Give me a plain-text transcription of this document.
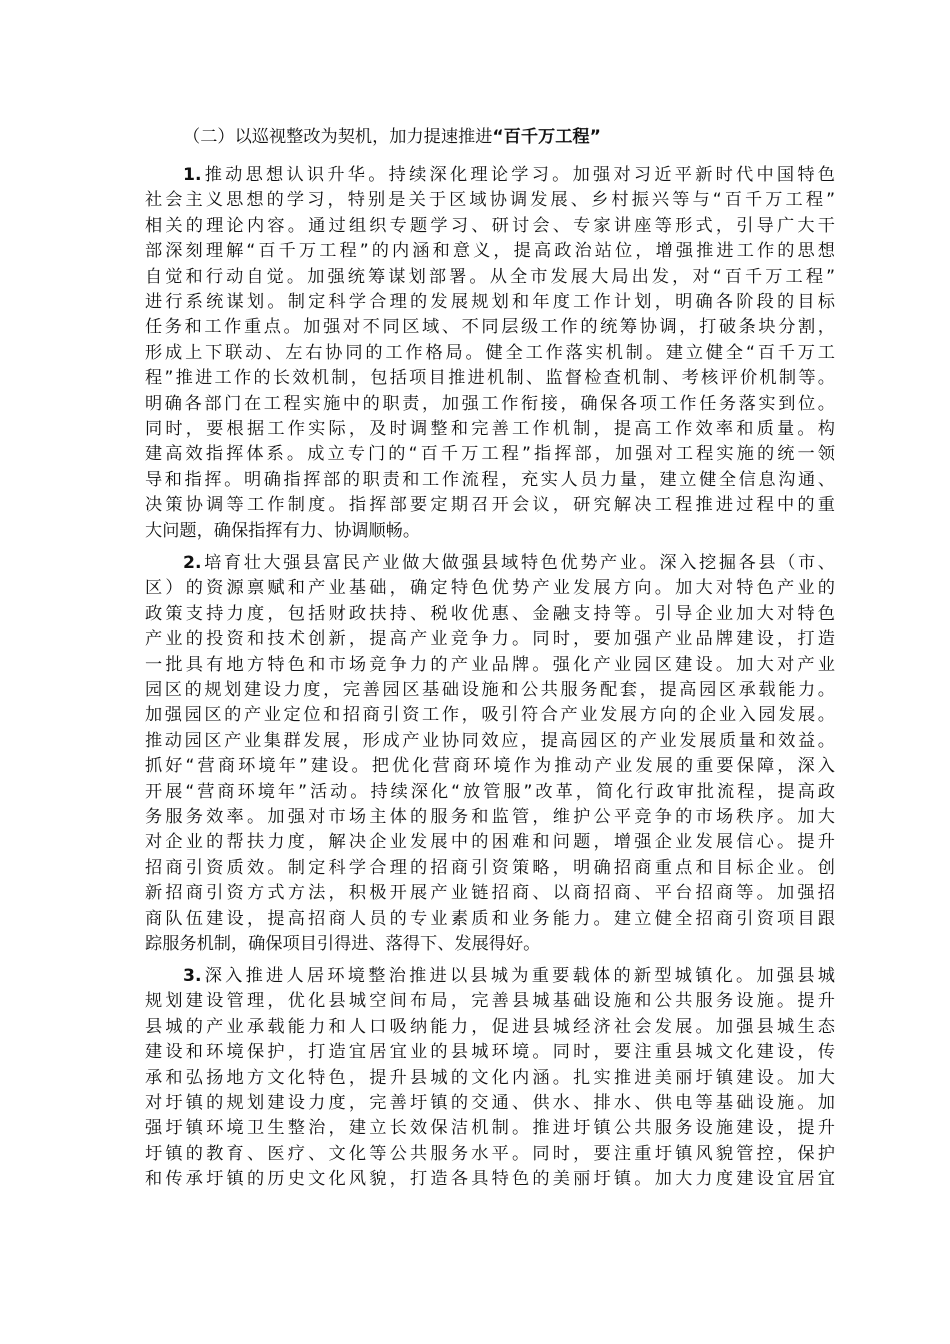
（二）以巡视整改为契机，加力提速推进“百千万工程”
1.推动思想认识升华。持续深化理论学习。加强对习近平新时代中国特色
社会主义思想的学习，特别是关于区域协调发展、乡村振兴等与“百千万工程”
相关的理论内容。通过组织专题学习、研讨会、专家讲座等形式，引导广大干
部深刻理解“百千万工程”的内涵和意义，提高政治站位，增强推进工作的思想
自觉和行动自觉。加强统筹谋划部署。从全市发展大局出发，对“百千万工程”
进行系统谋划。制定科学合理的发展规划和年度工作计划，明确各阶段的目标
任务和工作重点。加强对不同区域、不同层级工作的统筹协调，打破条块分割，
形成上下联动、左右协同的工作格局。健全工作落实机制。建立健全“百千万工
程”推进工作的长效机制，包括项目推进机制、监督检查机制、考核评价机制等。
明确各部门在工程实施中的职责，加强工作衔接，确保各项工作任务落实到位。
同时，要根据工作实际，及时调整和完善工作机制，提高工作效率和质量。构
建高效指挥体系。成立专门的“百千万工程”指挥部，加强对工程实施的统一领
导和指挥。明确指挥部的职责和工作流程，充实人员力量，建立健全信息沟通、
决策协调等工作制度。指挥部要定期召开会议，研究解决工程推进过程中的重
大问题，确保指挥有力、协调顺畅。
2.培育壮大强县富民产业做大做强县域特色优势产业。深入挖掘各县（市、
区）的资源禀赋和产业基础，确定特色优势产业发展方向。加大对特色产业的
政策支持力度，包括财政扶持、税收优惠、金融支持等。引导企业加大对特色
产业的投资和技术创新，提高产业竞争力。同时，要加强产业品牌建设，打造
一批具有地方特色和市场竞争力的产业品牌。强化产业园区建设。加大对产业
园区的规划建设力度，完善园区基础设施和公共服务配套，提高园区承载能力。
加强园区的产业定位和招商引资工作，吸引符合产业发展方向的企业入园发展。
推动园区产业集群发展，形成产业协同效应，提高园区的产业发展质量和效益。
抓好“营商环境年”建设。把优化营商环境作为推动产业发展的重要保障，深入
开展“营商环境年”活动。持续深化“放管服”改革，简化行政审批流程，提高政
务服务效率。加强对市场主体的服务和监管，维护公平竞争的市场秩序。加大
对企业的帮扶力度，解决企业发展中的困难和问题，增强企业发展信心。提升
招商引资质效。制定科学合理的招商引资策略，明确招商重点和目标企业。创
新招商引资方式方法，积极开展产业链招商、以商招商、平台招商等。加强招
商队伍建设，提高招商人员的专业素质和业务能力。建立健全招商引资项目跟
踪服务机制，确保项目引得进、落得下、发展得好。
3.深入推进人居环境整治推进以县城为重要载体的新型城镇化。加强县城
规划建设管理，优化县城空间布局，完善县城基础设施和公共服务设施。提升
县城的产业承载能力和人口吸纳能力，促进县城经济社会发展。加强县城生态
建设和环境保护，打造宜居宜业的县城环境。同时，要注重县城文化建设，传
承和弘扬地方文化特色，提升县城的文化内涵。扎实推进美丽圩镇建设。加大
对圩镇的规划建设力度，完善圩镇的交通、供水、排水、供电等基础设施。加
强圩镇环境卫生整治，建立长效保洁机制。推进圩镇公共服务设施建设，提升
圩镇的教育、医疗、文化等公共服务水平。同时，要注重圩镇风貌管控，保护
和传承圩镇的历史文化风貌，打造各具特色的美丽圩镇。加大力度建设宜居宜
